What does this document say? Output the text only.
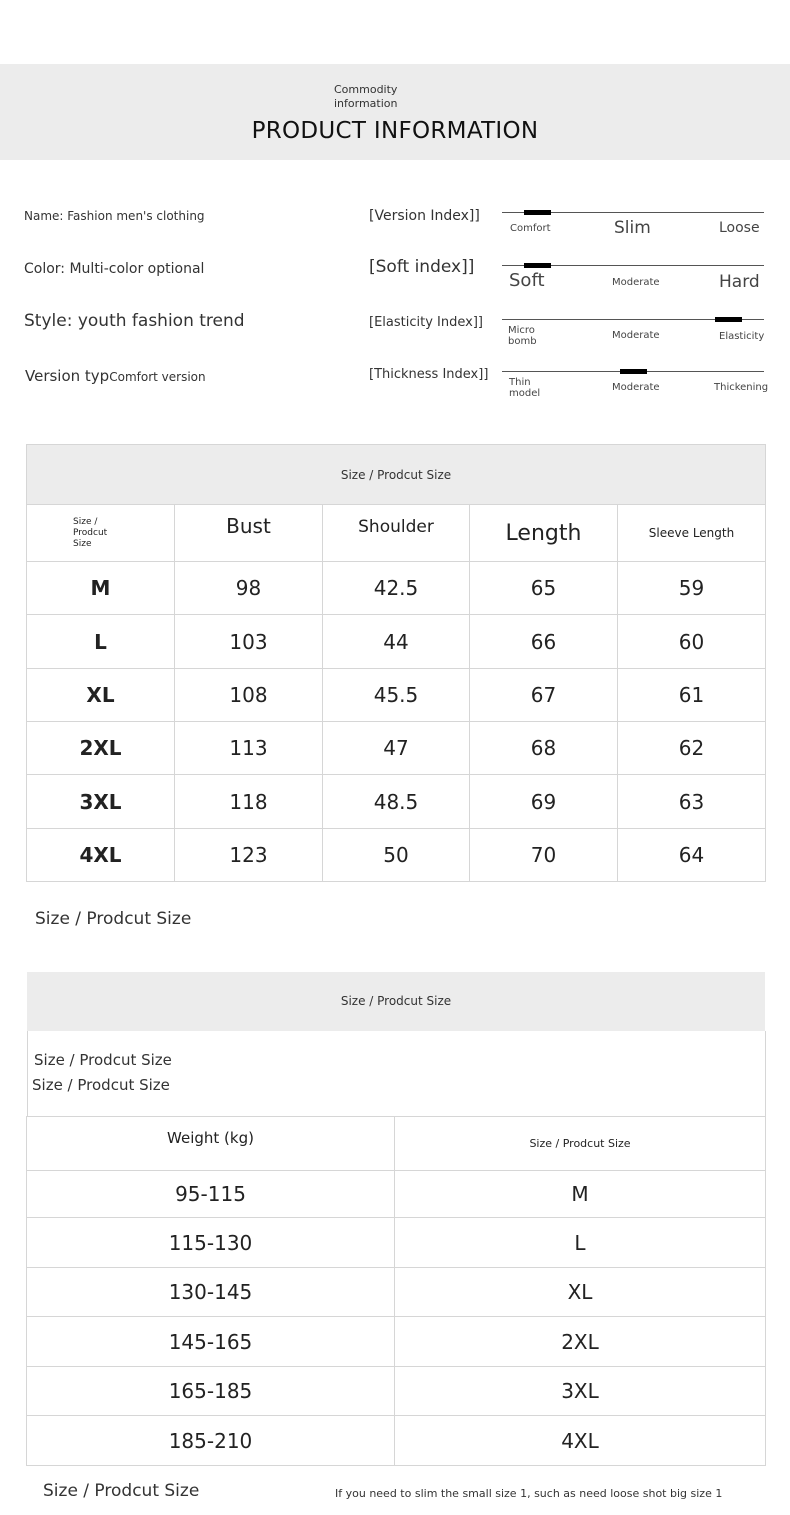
Commodity information
PRODUCT INFORMATION
Name: Fashion men's clothing
Color: Multi-color optional
Style: youth fashion trend
Version typComfort version
[Version Index]]
[Soft index]]
[Elasticity Index]]
[Thickness Index]]
Comfort	Slim	Loose
Soft	Moderate	Hard
Micro bomb
Moderate	Elasticity
Thin model
Moderate	Thickening
Size / Prodcut Size				

Size / Prodcut Size	Bust	Shoulder	Length	Sleeve Length
M	98	42.5	65	59
L	103	44	66	60
XL	108	45.5	67	61
2XL	113	47	68	62
3XL	118	48.5	69	63
4XL	123	50	70	64
Size / Prodcut Size
Size / Prodcut Size
Size / Prodcut Size
Size / Prodcut Size
Weight (kg)	Size / Prodcut Size
95-115	M
115-130	L
130-145	XL
145-165	2XL
165-185	3XL
185-210	4XL
Size / Prodcut Size	If you need to slim the small size 1, such as need loose shot big size 1
